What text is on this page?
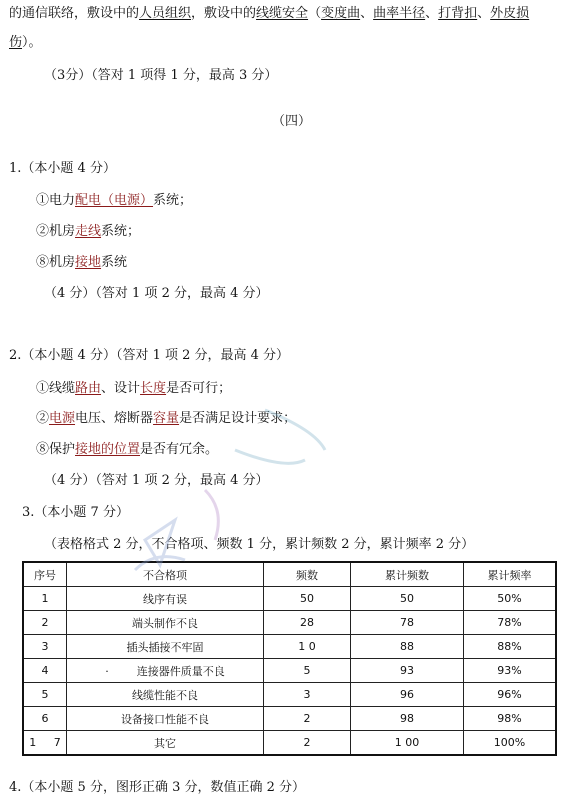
的通信联络，敷设中的人员组织，敷设中的线缆安全（变度曲、曲率半径、打背扣、外皮损
伤）。
（3分）（答对 1 项得 1 分，最高 3 分）
（四）
1.（本小题 4 分）
①电力配电（电源）系统；
②机房走线系统；
⑧机房接地系统
（4 分）（答对 1 项 2 分，最高 4 分）
2.（本小题 4 分）（答对 1 项 2 分，最高 4 分）
①线缆路由、设计长度是否可行；
②电源电压、熔断器容量是否满足设计要求；
⑧保护接地的位置是否有冗余。
（4 分）（答对 1 项 2 分，最高 4 分）
3.（本小题 7 分）
（表格格式 2 分，不合格项、频数 1 分，累计频数 2 分，累计频率 2 分）
序号	不合格项	频数	累计频数	累计频率
1	线序有误	50	50	50%
2	端头制作不良	28	78	78%
3	插头插接不牢固	1 0	88	88%
4	·        连接器件质量不良	5	93	93%
5	线缆性能不良	3	96	96%
6	设备接口性能不良	2	98	98%
1     7	其它	2	1 00	100%
4.（本小题 5 分，图形正确 3 分，数值正确 2 分）
